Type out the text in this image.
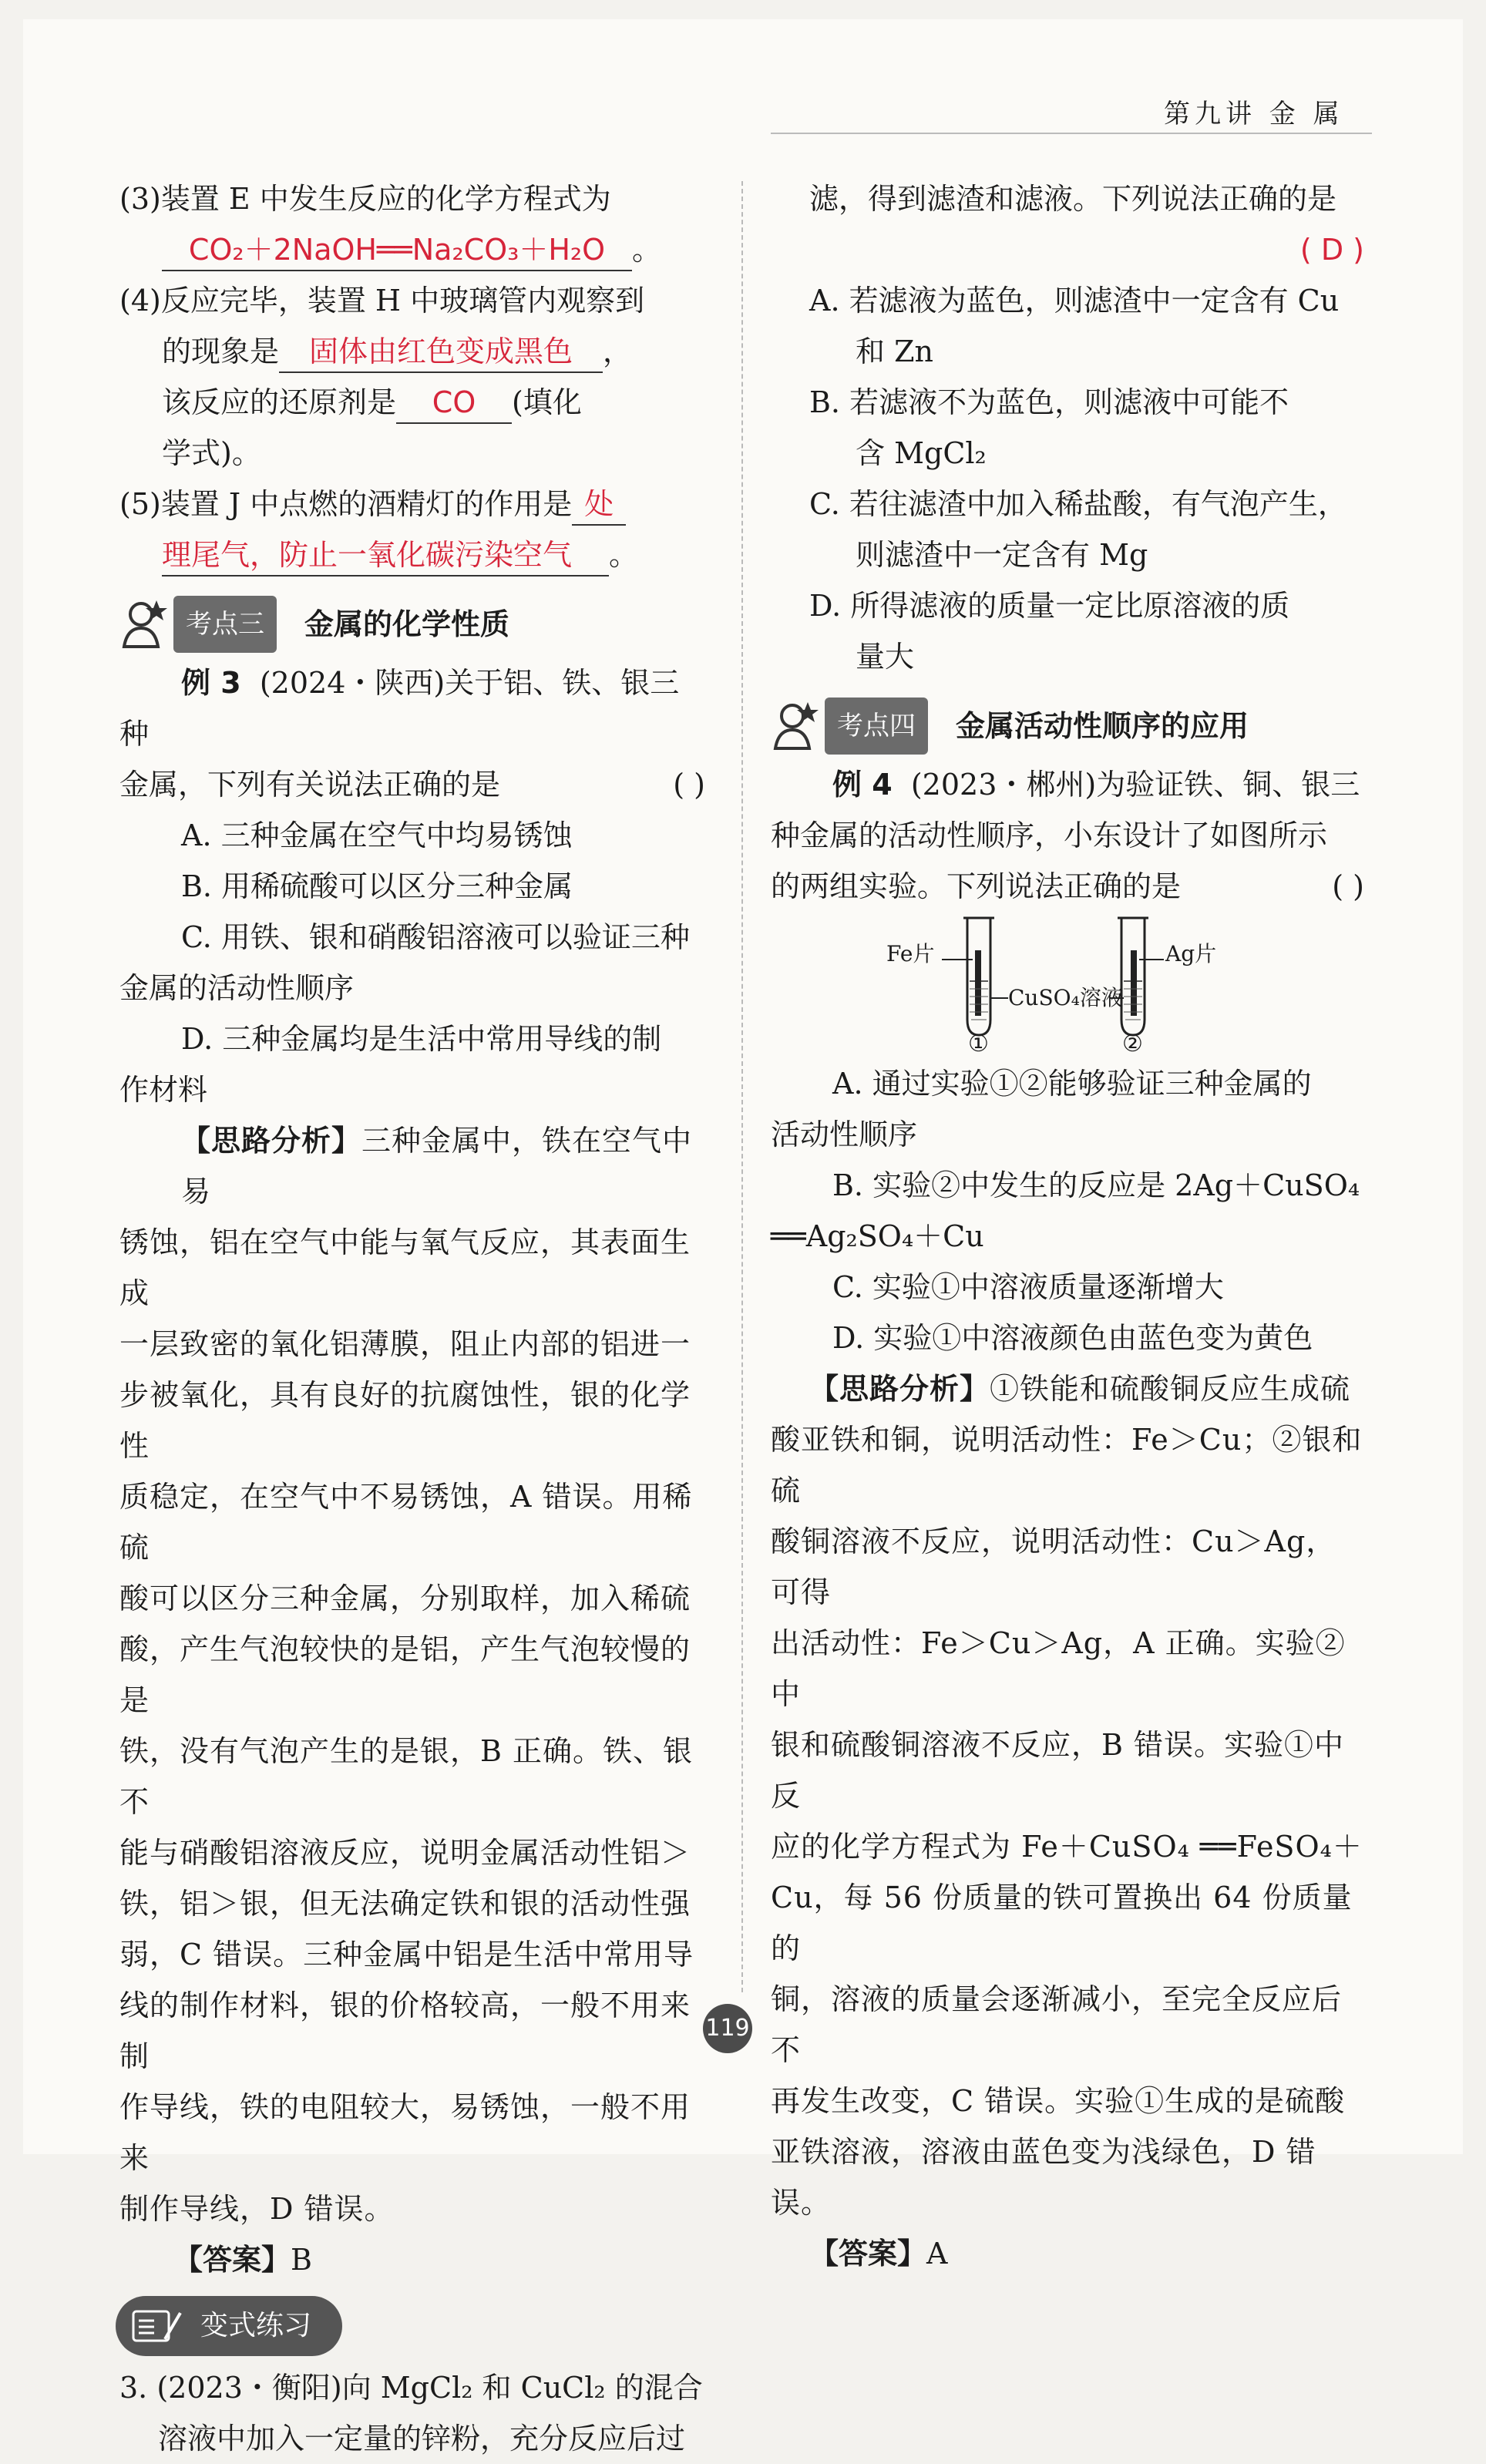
第九讲 金 属

(3)装置 E 中发生反应的化学方程式为

CO₂＋2NaOH══Na₂CO₃＋H₂O 。

(4)反应完毕，装置 H 中玻璃管内观察到

的现象是 固体由红色变成黑色 ，

该反应的还原剂是 CO (填化

学式)。

(5)装置 J 中点燃的酒精灯的作用是 处

理尾气，防止一氧化碳污染空气 。

考点三	金属的化学性质

例 3 (2024・陕西)关于铝、铁、银三种

金属，下列有关说法正确的是	( )

A. 三种金属在空气中均易锈蚀

B. 用稀硫酸可以区分三种金属

C. 用铁、银和硝酸铝溶液可以验证三种

金属的活动性顺序

D. 三种金属均是生活中常用导线的制

作材料

【思路分析】三种金属中，铁在空气中易

锈蚀，铝在空气中能与氧气反应，其表面生成

一层致密的氧化铝薄膜，阻止内部的铝进一

步被氧化，具有良好的抗腐蚀性，银的化学性

质稳定，在空气中不易锈蚀，A 错误。用稀硫

酸可以区分三种金属，分别取样，加入稀硫

酸，产生气泡较快的是铝，产生气泡较慢的是

铁，没有气泡产生的是银，B 正确。铁、银不

能与硝酸铝溶液反应，说明金属活动性铝＞

铁，铝＞银，但无法确定铁和银的活动性强

弱，C 错误。三种金属中铝是生活中常用导

线的制作材料，银的价格较高，一般不用来制

作导线，铁的电阻较大，易锈蚀，一般不用来

制作导线，D 错误。

【答案】B

变式练习

3. (2023・衡阳)向 MgCl₂ 和 CuCl₂ 的混合

溶液中加入一定量的锌粉，充分反应后过

滤，得到滤渣和滤液。下列说法正确的是

( D )

A. 若滤液为蓝色，则滤渣中一定含有 Cu

和 Zn

B. 若滤液不为蓝色，则滤液中可能不

含 MgCl₂

C. 若往滤渣中加入稀盐酸，有气泡产生，

则滤渣中一定含有 Mg

D. 所得滤液的质量一定比原溶液的质

量大

考点四	金属活动性顺序的应用

例 4 (2023・郴州)为验证铁、铜、银三

种金属的活动性顺序，小东设计了如图所示

的两组实验。下列说法正确的是	( )

Fe片	Ag片
CuSO₄溶液
①	②

A. 通过实验①②能够验证三种金属的

活动性顺序

B. 实验②中发生的反应是 2Ag＋CuSO₄

══Ag₂SO₄＋Cu

C. 实验①中溶液质量逐渐增大

D. 实验①中溶液颜色由蓝色变为黄色

【思路分析】①铁能和硫酸铜反应生成硫

酸亚铁和铜，说明活动性：Fe＞Cu；②银和硫

酸铜溶液不反应，说明活动性：Cu＞Ag，可得

出活动性：Fe＞Cu＞Ag，A 正确。实验②中

银和硫酸铜溶液不反应，B 错误。实验①中反

应的化学方程式为 Fe＋CuSO₄ ══FeSO₄＋

Cu，每 56 份质量的铁可置换出 64 份质量的

铜，溶液的质量会逐渐减小，至完全反应后不

再发生改变，C 错误。实验①生成的是硫酸

亚铁溶液，溶液由蓝色变为浅绿色，D 错误。

【答案】A

119
